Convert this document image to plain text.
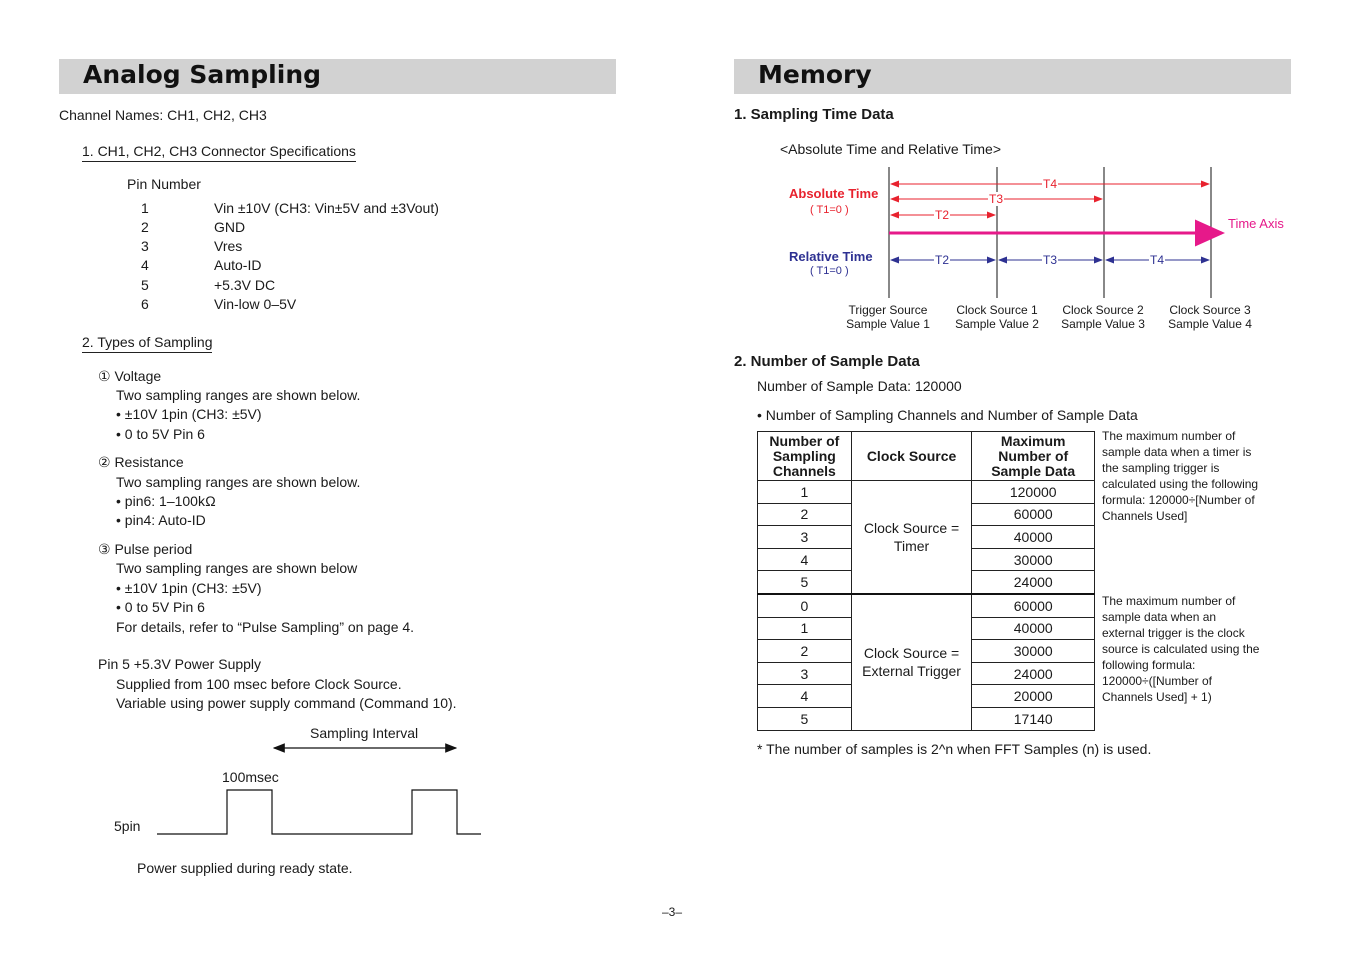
Analog Sampling
Channel Names: CH1, CH2, CH3
1. CH1, CH2, CH3 Connector Specifications
Pin Number
1	Vin ±10V (CH3: Vin±5V and ±3Vout)
2	GND
3	Vres
4	Auto-ID
5	+5.3V DC
6	Vin-low 0–5V
2. Types of Sampling
① Voltage
Two sampling ranges are shown below.
• ±10V 1pin (CH3: ±5V)
• 0 to 5V Pin 6
② Resistance
Two sampling ranges are shown below.
• pin6: 1–100kΩ
• pin4: Auto-ID
③ Pulse period
Two sampling ranges are shown below
• ±10V 1pin (CH3: ±5V)
• 0 to 5V Pin 6
For details, refer to “Pulse Sampling” on page 4.
Pin 5 +5.3V Power Supply
Supplied from 100 msec before Clock Source.
Variable using power supply command (Command 10).
Sampling Interval
100msec
5pin
Power supplied during ready state.
Memory
1. Sampling Time Data
<Absolute Time and Relative Time>
T4
T3
T2
T2	T3	T4
Absolute Time
( T1=0 )
Relative Time
( T1=0 )
Time Axis
Trigger Source
Sample Value 1
Clock Source 1
Sample Value 2
Clock Source 2
Sample Value 3
Clock Source 3
Sample Value 4
2. Number of Sample Data
Number of Sample Data: 120000
• Number of Sampling Channels and Number of Sample Data
Number of Sampling Channels	Clock Source	Maximum Number of Sample Data
1	Clock Source = Timer	120000
2		60000
3		40000
4		30000
5		24000
0	Clock Source = External Trigger	60000
1		40000
2		30000
3		24000
4		20000
5		17140
The maximum number of sample data when a timer is the sampling trigger is calculated using the following formula: 120000÷[Number of Channels Used]
The maximum number of sample data when an external trigger is the clock source is calculated using the following formula: 120000÷([Number of Channels Used] + 1)
* The number of samples is 2^n when FFT Samples (n) is used.
–3–
